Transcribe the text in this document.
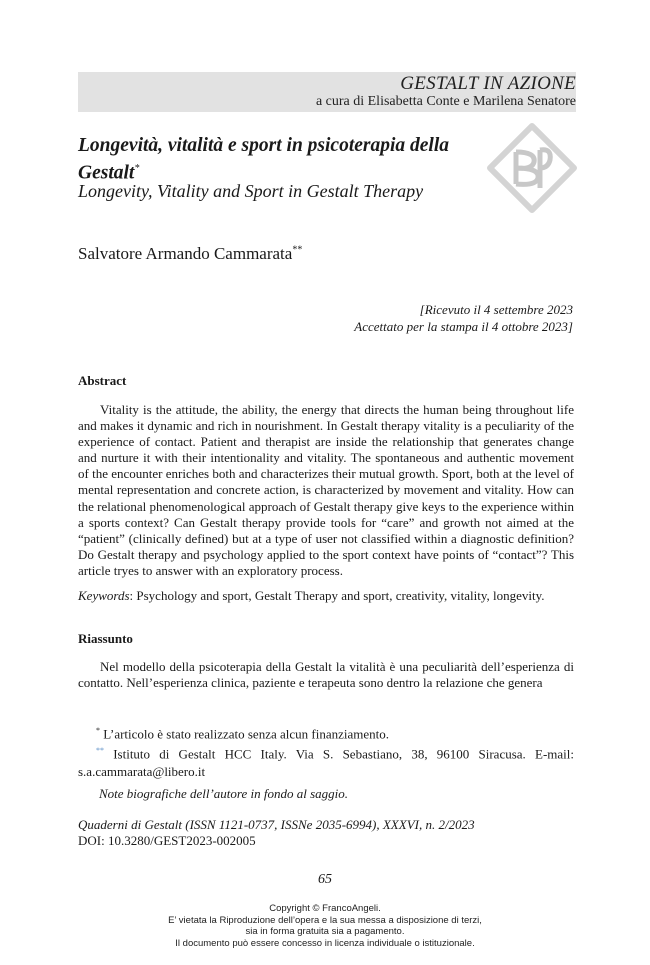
GESTALT IN AZIONE
a cura di Elisabetta Conte e Marilena Senatore
Longevità, vitalità e sport in psicoterapia della Gestalt*
Longevity, Vitality and Sport in Gestalt Therapy
Salvatore Armando Cammarata**
[Ricevuto il 4 settembre 2023
Accettato per la stampa il 4 ottobre 2023]
Abstract

Vitality is the attitude, the ability, the energy that directs the human being throughout life and makes it dynamic and rich in nourishment. In Gestalt therapy vitality is a peculiarity of the experience of contact. Patient and therapist are inside the relationship that generates change and nurture it with their intentionality and vitality. The spontaneous and authentic movement of the encounter enriches both and characterizes their mutual growth. Sport, both at the level of mental representation and concrete action, is characterized by movement and vitality. How can the relational phenomenological approach of Gestalt therapy give keys to the experience within a sports context? Can Gestalt therapy provide tools for “care” and growth not aimed at the “patient” (clinically defined) but at a type of user not classified within a diagnostic definition? Do Gestalt therapy and psychology applied to the sport context have points of “contact”? This article tryes to answer with an exploratory process.

Keywords: Psychology and sport, Gestalt Therapy and sport, creativity, vitality, longevity.
Riassunto

Nel modello della psicoterapia della Gestalt la vitalità è una peculiarità dell’esperienza di contatto. Nell’esperienza clinica, paziente e terapeuta sono dentro la relazione che genera

* L’articolo è stato realizzato senza alcun finanziamento.
** Istituto di Gestalt HCC Italy. Via S. Sebastiano, 38, 96100 Siracusa. E-mail: s.a.cammarata@libero.it
Note biografiche dell’autore in fondo al saggio.
Quaderni di Gestalt (ISSN 1121-0737, ISSNe 2035-6994), XXXVI, n. 2/2023
DOI: 10.3280/GEST2023-002005
65
Copyright © FrancoAngeli.
E’ vietata la Riproduzione dell’opera e la sua messa a disposizione di terzi,
sia in forma gratuita sia a pagamento.
Il documento può essere concesso in licenza individuale o istituzionale.
